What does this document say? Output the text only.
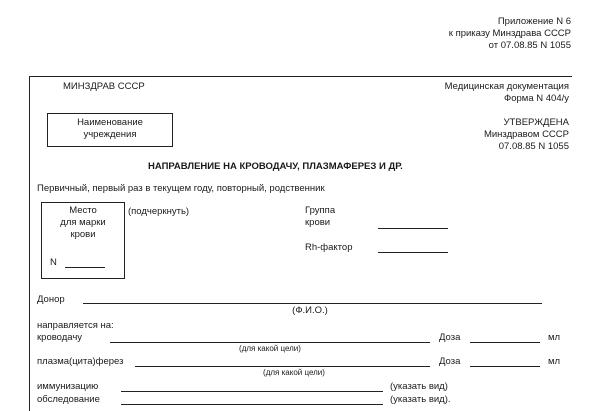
Приложение N 6
к приказу Минздрава СССР
от 07.08.85 N 1055
МИНЗДРАВ СССР	Медицинская документация
Форма N 404/у
Наименование
учреждения
УТВЕРЖДЕНА
Минздравом СССР
07.08.85 N 1055
НАПРАВЛЕНИЕ НА КРОВОДАЧУ, ПЛАЗМАФЕРЕЗ И ДР.
Первичный, первый раз в текущем году, повторный, родственник
Место
для марки
крови
N
(подчеркнуть)	Группа
крови
Rh-фактор
Донор
(Ф.И.О.)
направляется на:
кроводачу
(для какой цели)
Доза	мл
плазма(цита)ферез
(для какой цели)
Доза	мл
иммунизацию	(указать вид)
обследование	(указать вид).
